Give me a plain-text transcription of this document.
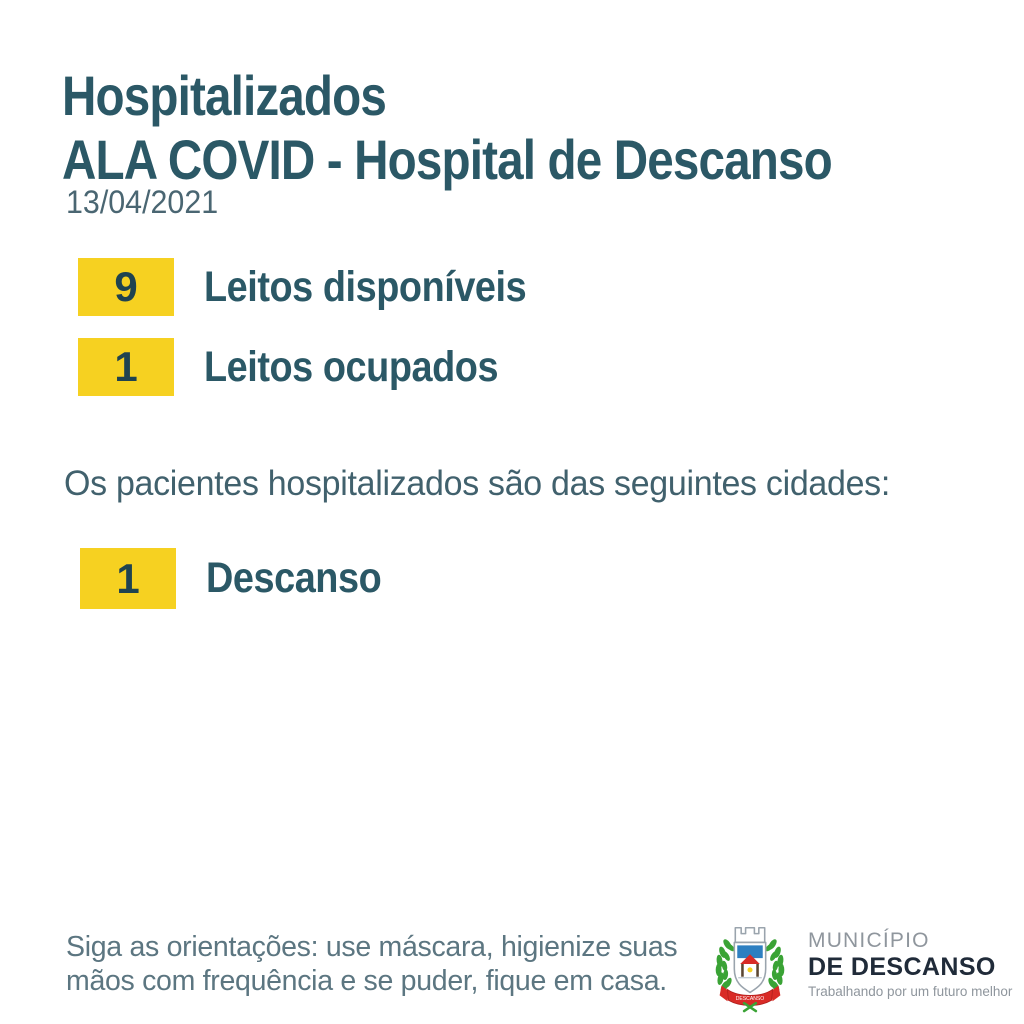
Hospitalizados
ALA COVID - Hospital de Descanso
13/04/2021
9	Leitos disponíveis
1	Leitos ocupados
Os pacientes hospitalizados são das seguintes cidades:
1	Descanso
Siga as orientações: use máscara, higienize suas mãos com frequência e se puder, fique em casa.
DESCANSO
MUNICÍPIO
DE DESCANSO
Trabalhando por um futuro melhor
